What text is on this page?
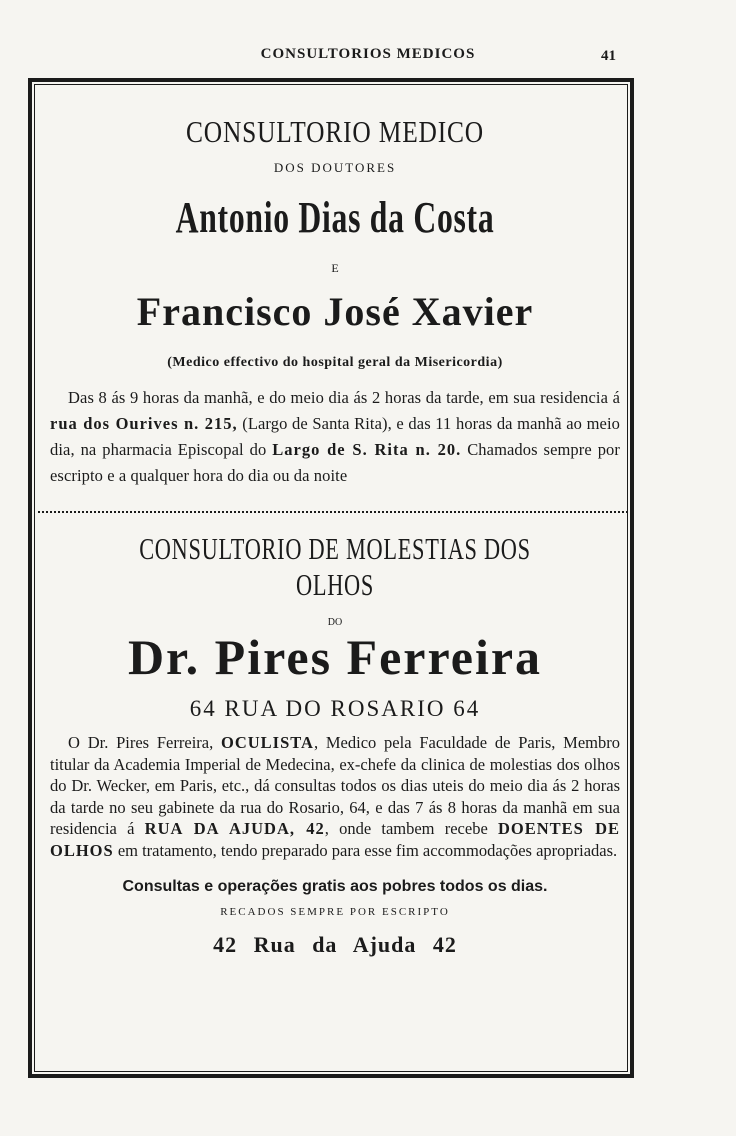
CONSULTORIOS MEDICOS	41
CONSULTORIO MEDICO
DOS DOUTORES
Antonio Dias da Costa
E
Francisco José Xavier
(Medico effectivo do hospital geral da Misericordia)

Das 8 ás 9 horas da manhã, e do meio dia ás 2 horas da tarde, em sua residencia á rua dos Ourives n. 215, (Largo de Santa Rita), e das 11 horas da manhã ao meio dia, na pharmacia Episcopal do Largo de S. Rita n. 20. Chamados sempre por escripto e a qualquer hora do dia ou da noite

CONSULTORIO DE MOLESTIAS DOS OLHOS
DO
Dr. Pires Ferreira
64 RUA DO ROSARIO 64

O Dr. Pires Ferreira, OCULISTA, Medico pela Faculdade de Paris, Membro titular da Academia Imperial de Medecina, ex-chefe da clinica de molestias dos olhos do Dr. Wecker, em Paris, etc., dá consultas todos os dias uteis do meio dia ás 2 horas da tarde no seu gabinete da rua do Rosario, 64, e das 7 ás 8 horas da manhã em sua residencia á RUA DA AJUDA, 42, onde tambem recebe DOENTES DE OLHOS em tratamento, tendo preparado para esse fim accommodações apropriadas.

Consultas e operações gratis aos pobres todos os dias.
RECADOS SEMPRE POR ESCRIPTO
42 Rua da Ajuda 42
